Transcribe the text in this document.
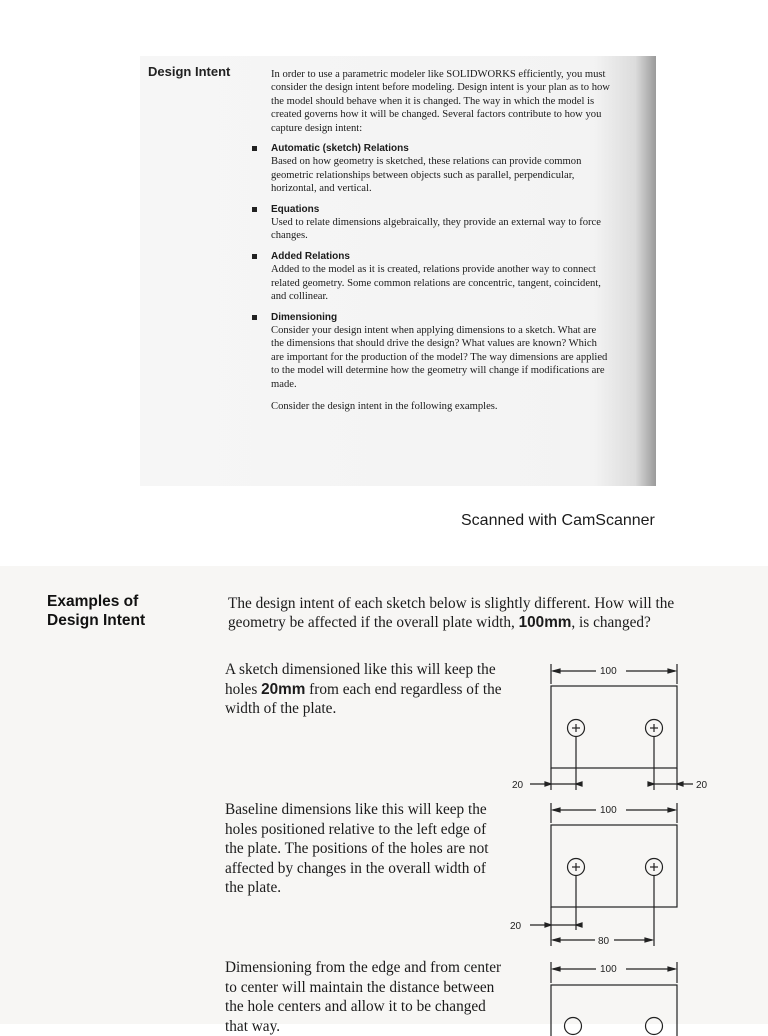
Design Intent	In order to use a parametric modeler like SOLIDWORKS efficiently, you must consider the design intent before modeling. Design intent is your plan as to how the model should behave when it is changed. The way in which the model is created governs how it will be changed. Several factors contribute to how you capture design intent:

Automatic (sketch) Relations
Based on how geometry is sketched, these relations can provide common geometric relationships between objects such as parallel, perpendicular, horizontal, and vertical.
Equations
Used to relate dimensions algebraically, they provide an external way to force changes.
Added Relations
Added to the model as it is created, relations provide another way to connect related geometry. Some common relations are concentric, tangent, coincident, and collinear.
Dimensioning
Consider your design intent when applying dimensions to a sketch. What are the dimensions that should drive the design? What values are known? Which are important for the production of the model? The way dimensions are applied to the model will determine how the geometry will change if modifications are made.

Consider the design intent in the following examples.

Scanned with CamScanner
Examples of
Design Intent
The design intent of each sketch below is slightly different. How will the geometry be affected if the overall plate width, 100mm, is changed?
A sketch dimensioned like this will keep the holes 20mm from each end regardless of the width of the plate.
Baseline dimensions like this will keep the holes positioned relative to the left edge of the plate. The positions of the holes are not affected by changes in the overall width of the plate.
Dimensioning from the edge and from center to center will maintain the distance between the hole centers and allow it to be changed that way.
100
20	20
100
20
80
100
